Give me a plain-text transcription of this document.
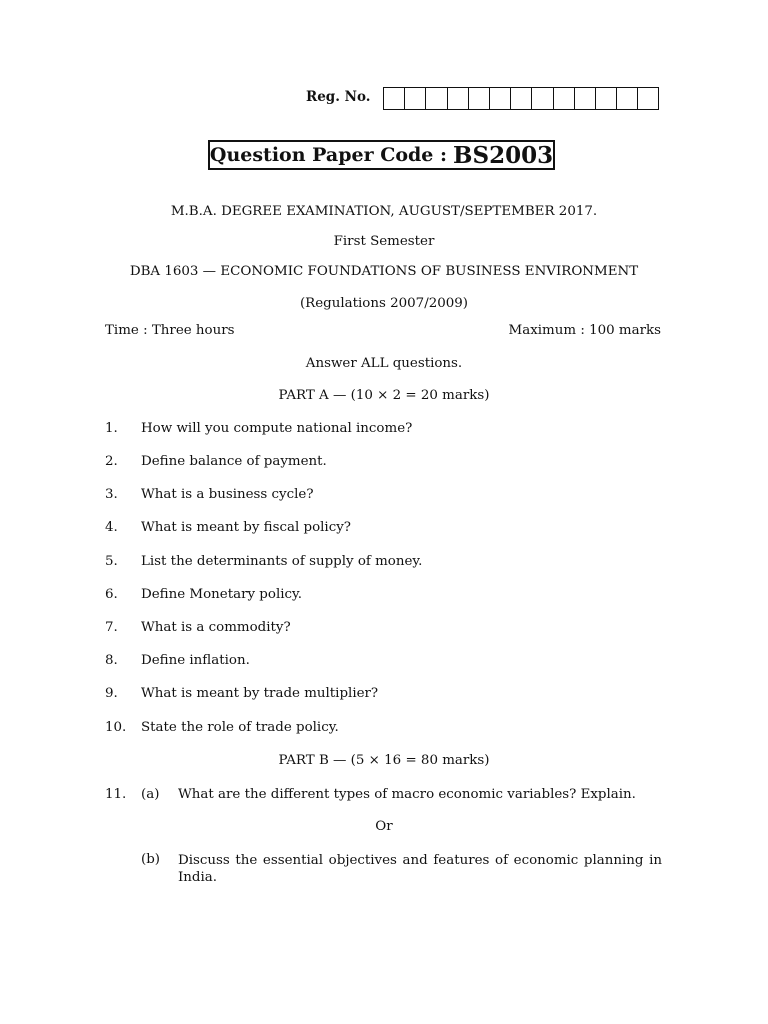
Reg. No.
Question Paper Code : BS2003
M.B.A. DEGREE EXAMINATION, AUGUST/SEPTEMBER 2017.
First Semester
DBA 1603 — ECONOMIC FOUNDATIONS OF BUSINESS ENVIRONMENT
(Regulations 2007/2009)
Time : Three hours	Maximum : 100 marks
Answer ALL questions.
PART A — (10 × 2 = 20 marks)
1. How will you compute national income?
2. Define balance of payment.
3. What is a business cycle?
4. What is meant by fiscal policy?
5. List the determinants of supply of money.
6. Define Monetary policy.
7. What is a commodity?
8. Define inflation.
9. What is meant by trade multiplier?
10. State the role of trade policy.
PART B — (5 × 16 = 80 marks)
11. (a) What are the different types of macro economic variables? Explain.
Or
(b) Discuss the essential objectives and features of economic planning in India.
